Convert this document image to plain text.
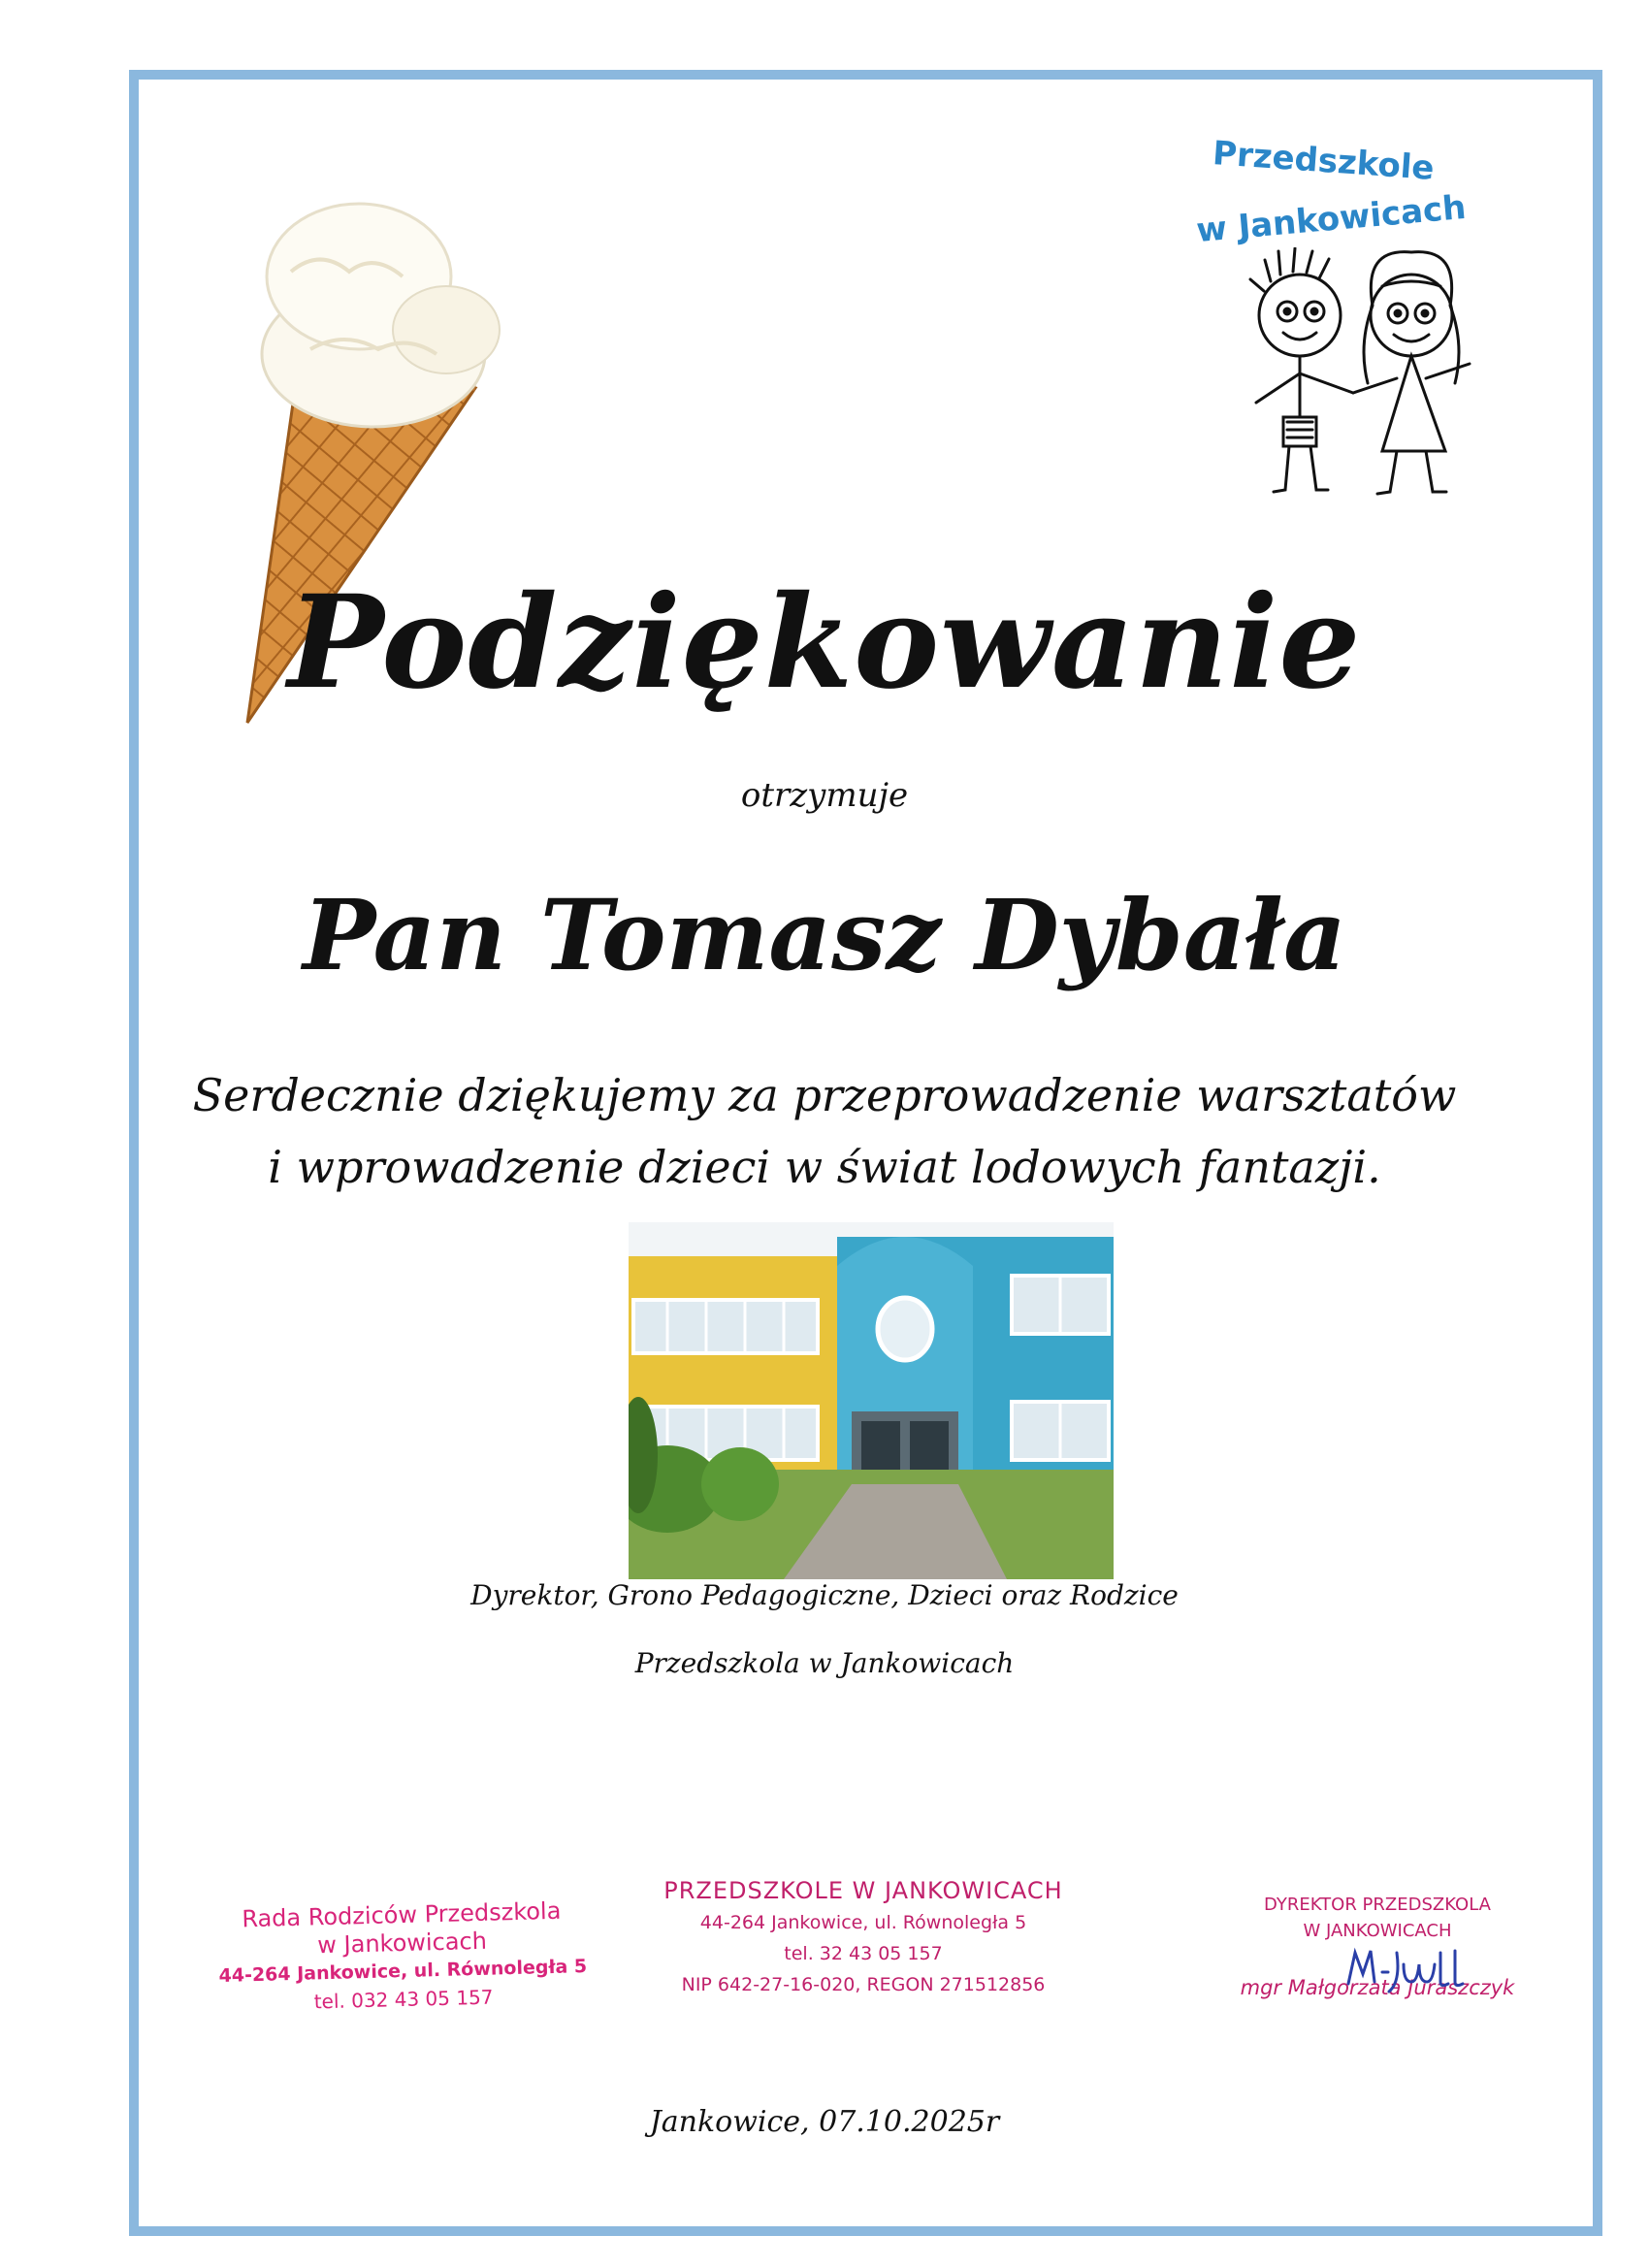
Przedszkole
w Jankowicach
Podziękowanie
otrzymuje
Pan Tomasz Dybała
Serdecznie dziękujemy za przeprowadzenie warsztatów
i wprowadzenie dzieci w świat lodowych fantazji.
Dyrektor, Grono Pedagogiczne, Dzieci oraz Rodzice
Przedszkola w Jankowicach
Rada Rodziców Przedszkola
w Jankowicach
44-264 Jankowice, ul. Równoległa 5
tel. 032 43 05 157
PRZEDSZKOLE W JANKOWICACH
44-264 Jankowice, ul. Równoległa 5
tel. 32 43 05 157
NIP 642-27-16-020, REGON 271512856
DYREKTOR PRZEDSZKOLA
W JANKOWICACH
mgr Małgorzata Juraszczyk
Jankowice, 07.10.2025r
